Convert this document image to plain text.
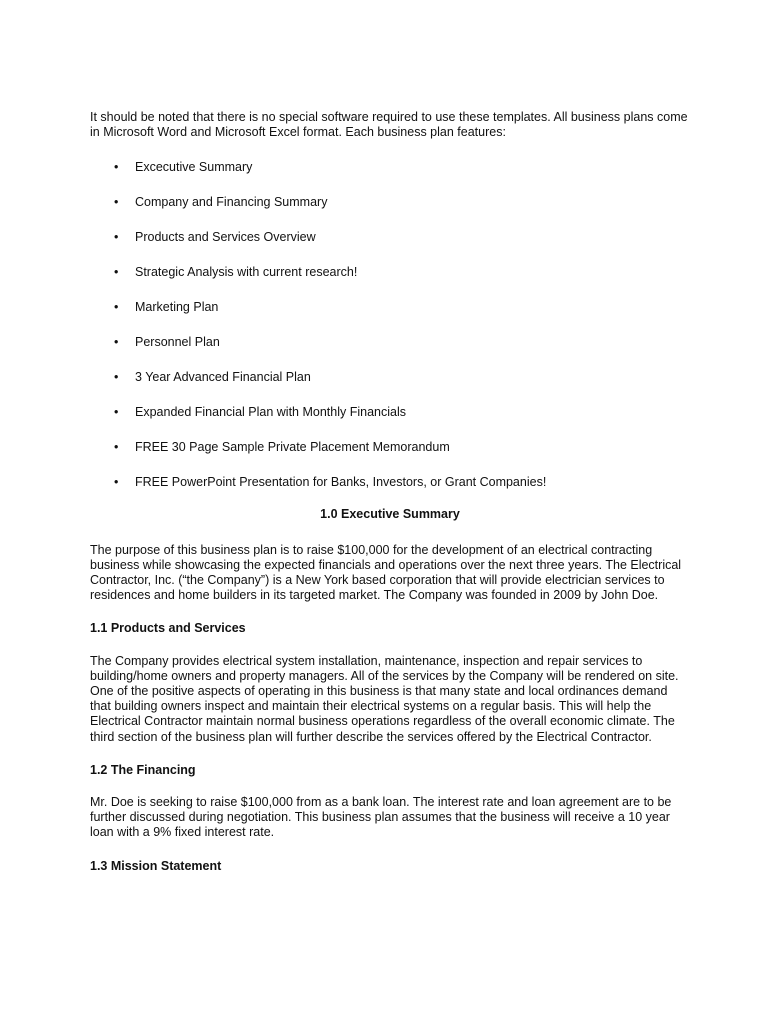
It should be noted that there is no special software required to use these templates. All business plans come in Microsoft Word and Microsoft Excel format. Each business plan features:

• Excecutive Summary
• Company and Financing Summary
• Products and Services Overview
• Strategic Analysis with current research!
• Marketing Plan
• Personnel Plan
• 3 Year Advanced Financial Plan
• Expanded Financial Plan with Monthly Financials
• FREE 30 Page Sample Private Placement Memorandum
• FREE PowerPoint Presentation for Banks, Investors, or Grant Companies!

1.0 Executive Summary

The purpose of this business plan is to raise $100,000 for the development of an electrical contracting business while showcasing the expected financials and operations over the next three years. The Electrical Contractor, Inc. (“the Company”) is a New York based corporation that will provide electrician services to residences and home builders in its targeted market. The Company was founded in 2009 by John Doe.

1.1 Products and Services

The Company provides electrical system installation, maintenance, inspection and repair services to building/home owners and property managers. All of the services by the Company will be rendered on site. One of the positive aspects of operating in this business is that many state and local ordinances demand that building owners inspect and maintain their electrical systems on a regular basis. This will help the Electrical Contractor maintain normal business operations regardless of the overall economic climate. The third section of the business plan will further describe the services offered by the Electrical Contractor.

1.2 The Financing

Mr. Doe is seeking to raise $100,000 from as a bank loan. The interest rate and loan agreement are to be further discussed during negotiation. This business plan assumes that the business will receive a 10 year loan with a 9% fixed interest rate.

1.3 Mission Statement
